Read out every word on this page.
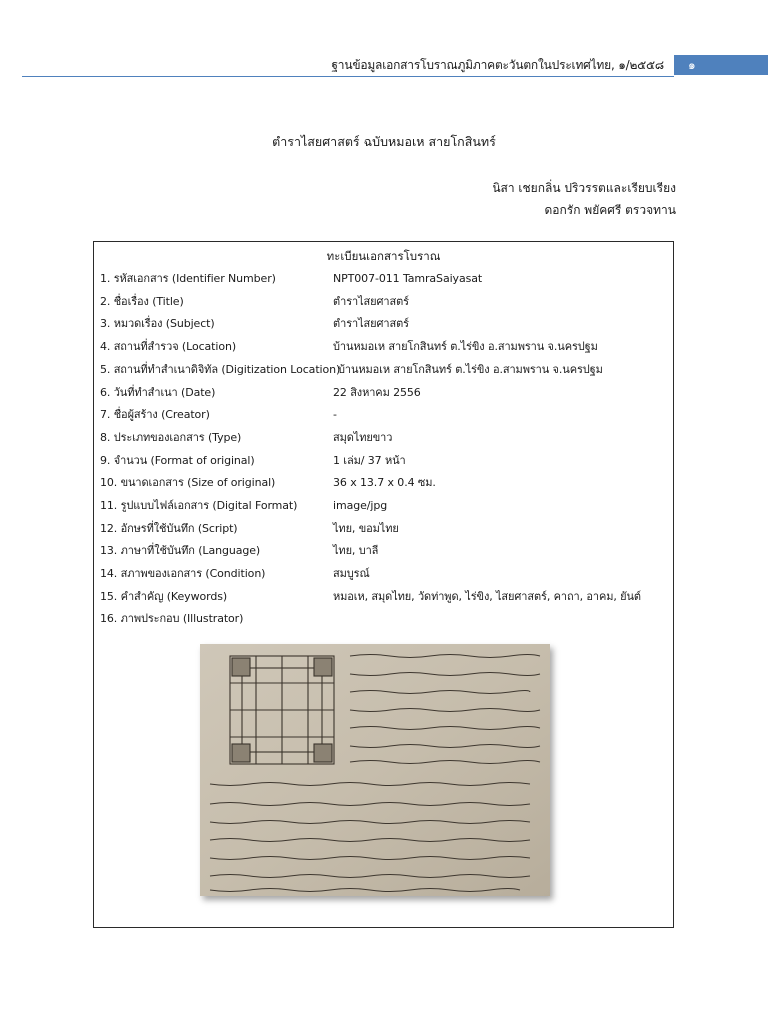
ฐานข้อมูลเอกสารโบราณภูมิภาคตะวันตกในประเทศไทย, ๑/๒๕๕๘ ๑
ตำราไสยศาสตร์ ฉบับหมอเห สายโกสินทร์
นิสา เชยกลิ่น ปริวรรตและเรียบเรียง
ดอกรัก พยัคศรี ตรวจทาน
ทะเบียนเอกสารโบราณ
1. รหัสเอกสาร (Identifier Number)	NPT007-011 TamraSaiyasat
2. ชื่อเรื่อง (Title)	ตำราไสยศาสตร์
3. หมวดเรื่อง (Subject)	ตำราไสยศาสตร์
4. สถานที่สำรวจ (Location)	บ้านหมอเห สายโกสินทร์ ต.ไร่ขิง อ.สามพราน จ.นครปฐม
5. สถานที่ทำสำเนาดิจิทัล (Digitization Location)
บ้านหมอเห สายโกสินทร์ ต.ไร่ขิง อ.สามพราน จ.นครปฐม
6. วันที่ทำสำเนา (Date)	22 สิงหาคม 2556
7. ชื่อผู้สร้าง (Creator)	-
8. ประเภทของเอกสาร (Type)	สมุดไทยขาว
9. จำนวน (Format of original)	1 เล่ม/ 37 หน้า
10. ขนาดเอกสาร (Size of original)	36 x 13.7 x 0.4 ซม.
11. รูปแบบไฟล์เอกสาร (Digital Format)	image/jpg
12. อักษรที่ใช้บันทึก (Script)	ไทย, ขอมไทย
13. ภาษาที่ใช้บันทึก (Language)	ไทย, บาลี
14. สภาพของเอกสาร (Condition)	สมบูรณ์
15. คำสำคัญ (Keywords)	หมอเห, สมุดไทย, วัดท่าพูด, ไร่ขิง, ไสยศาสตร์, คาถา, อาคม, ยันต์
16. ภาพประกอบ (Illustrator)
